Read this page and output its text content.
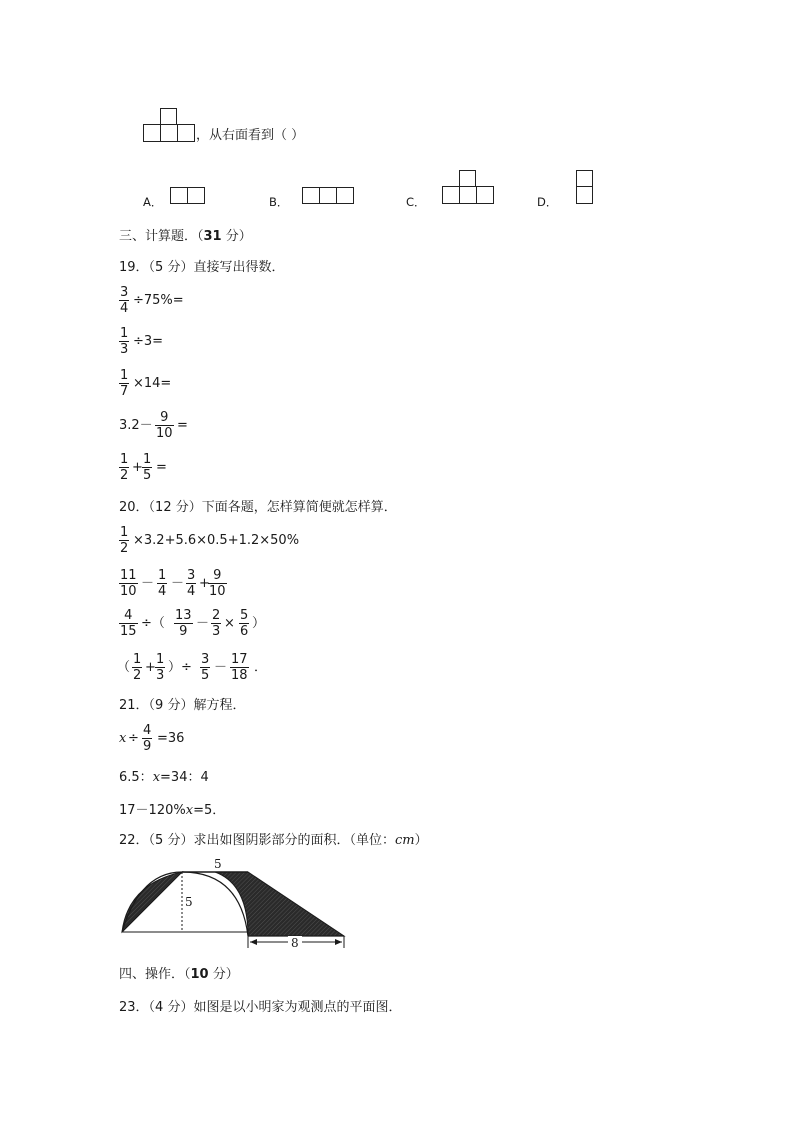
，从右面看到（ ）
A．	B．	C．	D．
三、计算题．（31 分）
19．（5 分）直接写出得数．
$\frac{3}{4} \div 75\%=$
$\frac{1}{3} \div 3=$
$\frac{1}{7} \times 14=$
$3.2- \frac{9}{10}$ =
$\frac{1}{2} + \frac{1}{5}$ =
20．（12 分）下面各题，怎样算简便就怎样算．
$\frac{1}{2} \times 3.2+5.6\times 0.5+1.2\times 50\%$
$\frac{11}{10} - \frac{1}{4} - \frac{3}{4}$ +
$\frac{9}{10}$
$\frac{4}{15}$ ÷（ $\frac{13}{9} - \frac{2}{3} \times \frac{5}{6}$ ）
（ $\frac{1}{2} + \frac{1}{3}$ ）÷ $\frac{3}{5} - \frac{17}{18}$ ．
21．（9 分）解方程．
$x \div \frac{4}{9} =36$
6.5：x=34：4
17－120%x=5．
22．（5 分）求出如图阴影部分的面积．（单位：cm）
5
5
8
四、操作．（10 分）
23．（4 分）如图是以小明家为观测点的平面图．
